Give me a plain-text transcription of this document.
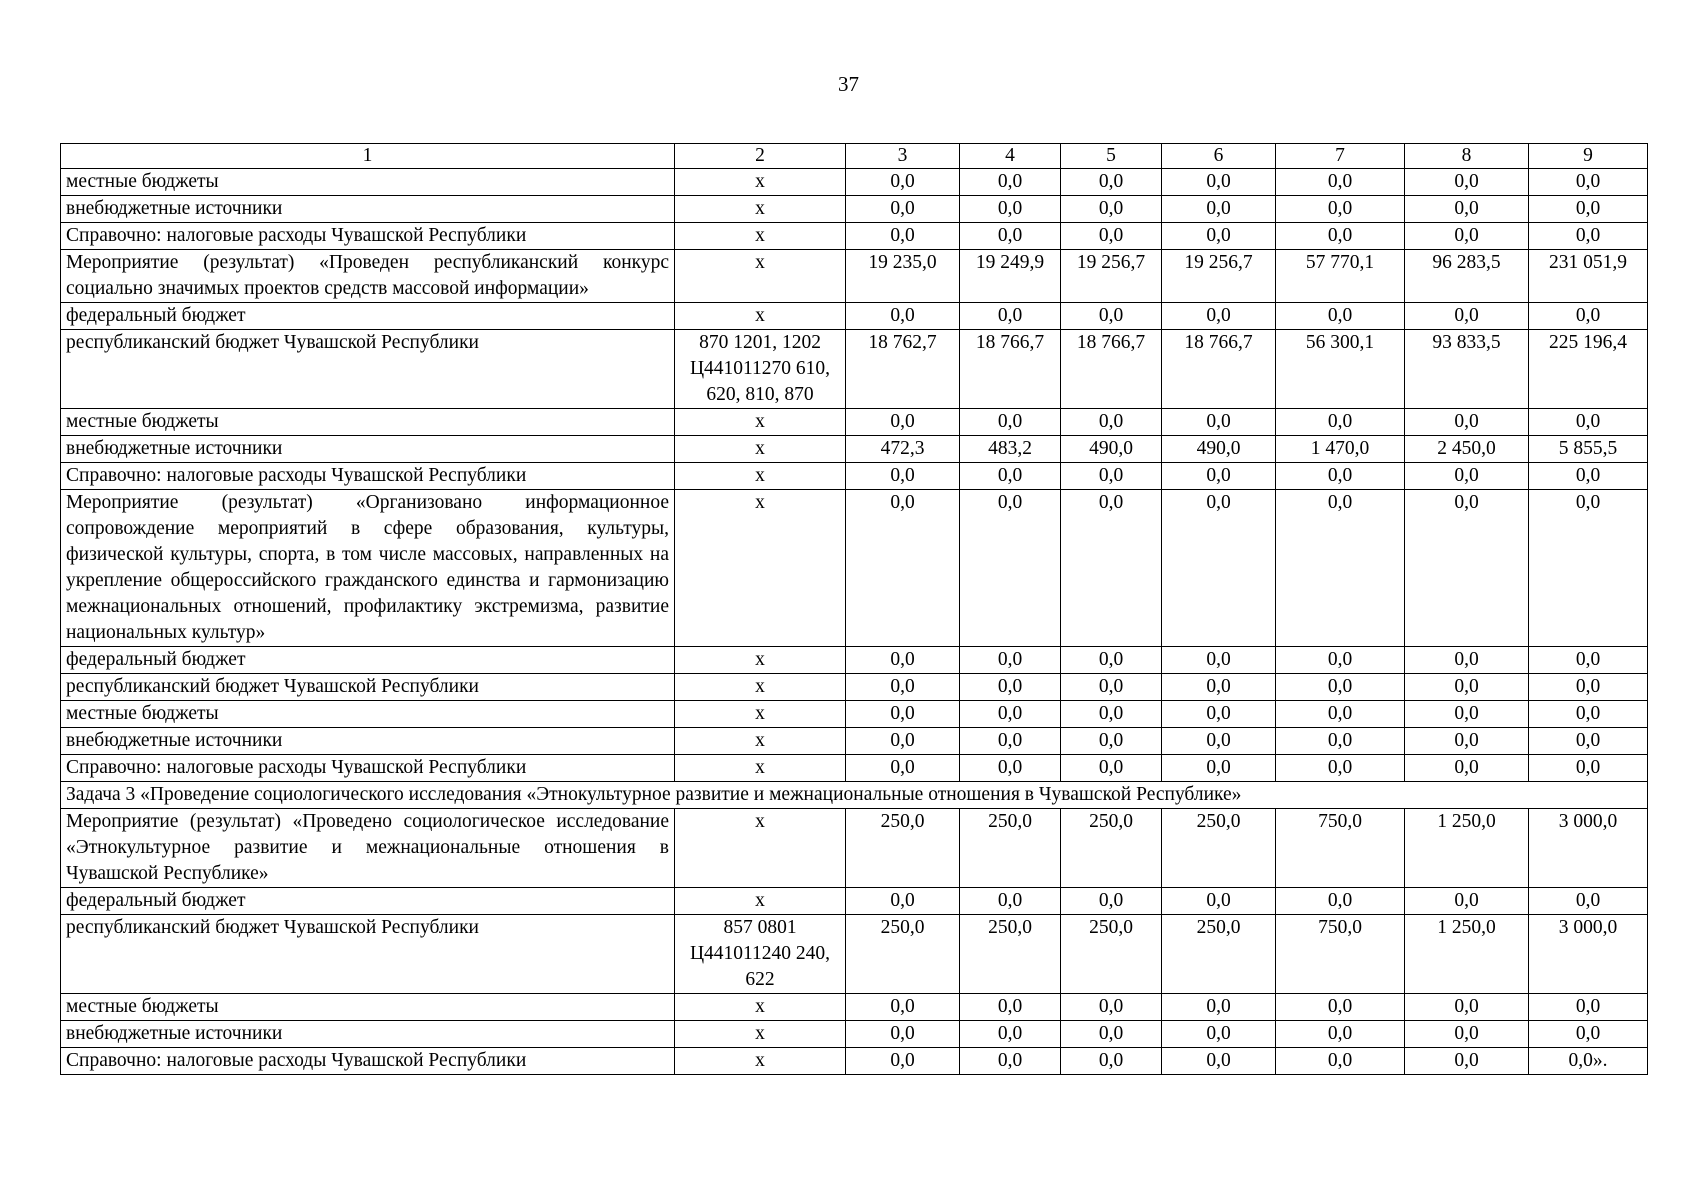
37
1	2	3	4	5	6	7	8	9
местные бюджеты	х	0,0	0,0	0,0	0,0	0,0	0,0	0,0
внебюджетные источники	х	0,0	0,0	0,0	0,0	0,0	0,0	0,0
Справочно: налоговые расходы Чувашской Республики	х	0,0	0,0	0,0	0,0	0,0	0,0	0,0
Мероприятие (результат) «Проведен республиканский конкурс социально значимых проектов средств массовой информации»	х	19 235,0	19 249,9	19 256,7	19 256,7	57 770,1	96 283,5	231 051,9
федеральный бюджет	х	0,0	0,0	0,0	0,0	0,0	0,0	0,0
республиканский бюджет Чувашской Республики	870 1201, 1202 Ц441011270 610, 620, 810, 870	18 762,7	18 766,7	18 766,7	18 766,7	56 300,1	93 833,5	225 196,4
местные бюджеты	х	0,0	0,0	0,0	0,0	0,0	0,0	0,0
внебюджетные источники	х	472,3	483,2	490,0	490,0	1 470,0	2 450,0	5 855,5
Справочно: налоговые расходы Чувашской Республики	х	0,0	0,0	0,0	0,0	0,0	0,0	0,0
Мероприятие (результат) «Организовано информационное сопровождение мероприятий в сфере образования, культуры, физической культуры, спорта, в том числе массовых, направленных на укрепление общероссийского гражданского единства и гармонизацию межнациональных отношений, профилактику экстремизма, развитие национальных культур»	х	0,0	0,0	0,0	0,0	0,0	0,0	0,0
федеральный бюджет	х	0,0	0,0	0,0	0,0	0,0	0,0	0,0
республиканский бюджет Чувашской Республики	х	0,0	0,0	0,0	0,0	0,0	0,0	0,0
местные бюджеты	х	0,0	0,0	0,0	0,0	0,0	0,0	0,0
внебюджетные источники	х	0,0	0,0	0,0	0,0	0,0	0,0	0,0
Справочно: налоговые расходы Чувашской Республики	х	0,0	0,0	0,0	0,0	0,0	0,0	0,0
Задача 3 «Проведение социологического исследования «Этнокультурное развитие и межнациональные отношения в Чувашской Республике»								
Мероприятие (результат) «Проведено социологическое исследование «Этнокультурное развитие и межнациональные отношения в Чувашской Республике»	х	250,0	250,0	250,0	250,0	750,0	1 250,0	3 000,0
федеральный бюджет	х	0,0	0,0	0,0	0,0	0,0	0,0	0,0
республиканский бюджет Чувашской Республики	857 0801 Ц441011240 240, 622	250,0	250,0	250,0	250,0	750,0	1 250,0	3 000,0
местные бюджеты	х	0,0	0,0	0,0	0,0	0,0	0,0	0,0
внебюджетные источники	х	0,0	0,0	0,0	0,0	0,0	0,0	0,0
Справочно: налоговые расходы Чувашской Республики	х	0,0	0,0	0,0	0,0	0,0	0,0	0,0».
